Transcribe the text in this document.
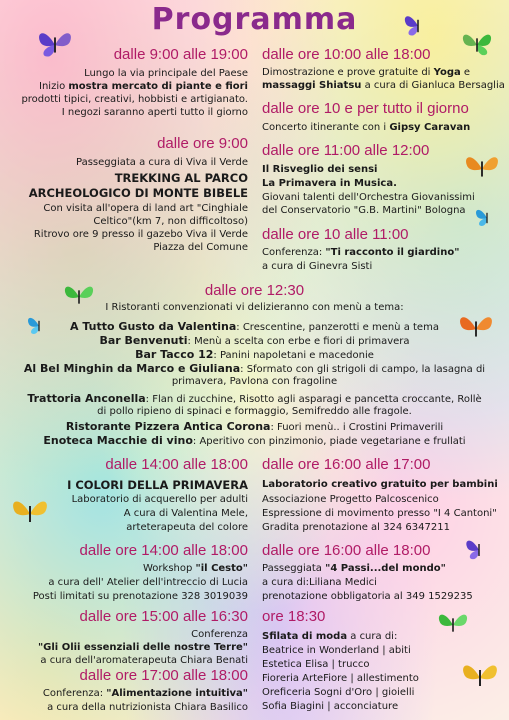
Programma
dalle 9:00 alle 19:00
Lungo la via principale del Paese
Inizio mostra mercato di piante e fiori
prodotti tipici, creativi, hobbisti e artigianato.
I negozi saranno aperti tutto il giorno
dalle ore 9:00
Passeggiata a cura di Viva il Verde
TREKKING AL PARCO
ARCHEOLOGICO DI MONTE BIBELE
Con visita all'opera di land art "Cinghiale
Celtico"(km 7, non difficoltoso)
Ritrovo ore 9 presso il gazebo Viva il Verde
Piazza del Comune
dalle ore 10:00 alle 18:00
Dimostrazione e prove gratuite di Yoga e
massaggi Shiatsu a cura di Gianluca Bersaglia
dalle ore 10 e per tutto il giorno
Concerto itinerante con i Gipsy Caravan
dalle ore 11:00 alle 12:00
Il Risveglio dei sensi
La Primavera in Musica.
Giovani talenti dell'Orchestra Giovanissimi
del Conservatorio "G.B. Martini" Bologna
dalle ore 10 alle 11:00
Conferenza: "Ti racconto il giardino"
a cura di Ginevra Sisti
dalle ore 12:30
I Ristoranti convenzionati vi delizieranno con menù a tema:
A Tutto Gusto da Valentina: Crescentine, panzerotti e menù a tema
Bar Benvenuti: Menù a scelta con erbe e fiori di primavera
Bar Tacco 12: Panini napoletani e macedonie
Al Bel Minghin da Marco e Giuliana: Sformato con gli strigoli di campo, la lasagna di
primavera, Pavlona con fragoline
Trattoria Anconella: Flan di zucchine, Risotto agli asparagi e pancetta croccante, Rollè
di pollo ripieno di spinaci e formaggio, Semifreddo alle fragole.
Ristorante Pizzera Antica Corona: Fuori menù.. i Crostini Primaverili
Enoteca Macchie di vino: Aperitivo con pinzimonio, piade vegetariane e frullati
dalle 14:00 alle 18:00
I COLORI DELLA PRIMAVERA
Laboratorio di acquerello per adulti
A cura di Valentina Mele,
arteterapeuta del colore
dalle ore 14:00 alle 18:00
Workshop "il Cesto"
a cura dell' Atelier dell'intreccio di Lucia
Posti limitati su prenotazione 328 3019039
dalle ore 15:00 alle 16:30
Conferenza
"Gli Olii essenziali delle nostre Terre"
a cura dell'aromaterapeuta Chiara Benati
dalle ore 17:00 alle 18:00
Conferenza: "Alimentazione intuitiva"
a cura della nutrizionista Chiara Basilico
dalle ore 16:00 alle 17:00
Laboratorio creativo gratuito per bambini
Associazione Progetto Palcoscenico
Espressione di movimento presso "I 4 Cantoni"
Gradita prenotazione al 324 6347211
dalle ore 16:00 alle 18:00
Passeggiata "4 Passi...del mondo"
a cura di:Liliana Medici
prenotazione obbligatoria al 349 1529235
ore 18:30
Sfilata di moda a cura di:
Beatrice in Wonderland | abiti
Estetica Elisa | trucco
Fioreria ArteFiore | allestimento
Oreficeria Sogni d'Oro | gioielli
Sofia Biagini | acconciature
